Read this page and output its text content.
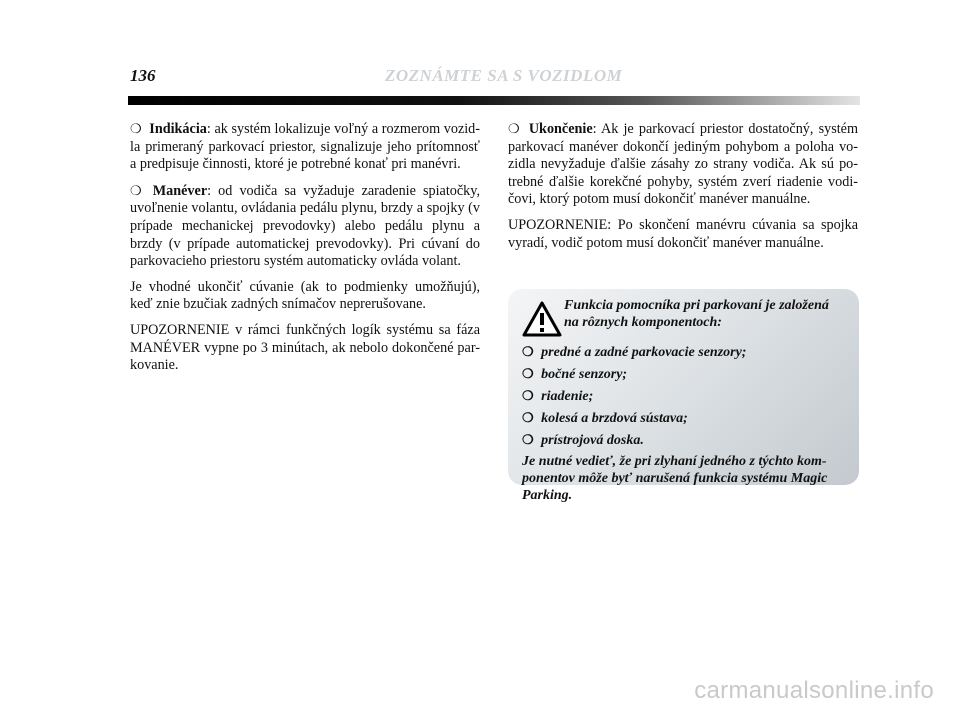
136	ZOZNÁMTE SA S VOZIDLOM

❍ Indikácia: ak systém lokalizuje voľný a rozmerom vozid-la primeraný parkovací priestor, signalizuje jeho prítomnosť a predpisuje činnosti, ktoré je potrebné konať pri manévri.

❍ Manéver: od vodiča sa vyžaduje zaradenie spiatočky, uvoľnenie volantu, ovládania pedálu plynu, brzdy a spojky (v prípade mechanickej prevodovky) alebo pedálu plynu a brzdy (v prípade automatickej prevodovky). Pri cúvaní do parkovacieho priestoru systém automaticky ovláda volant.

Je vhodné ukončiť cúvanie (ak to podmienky umožňujú), keď znie bzučiak zadných snímačov neprerušovane.

UPOZORNENIE v rámci funkčných logík systému sa fáza MANÉVER vypne po 3 minútach, ak nebolo dokončené par-kovanie.

❍ Ukončenie: Ak je parkovací priestor dostatočný, systém parkovací manéver dokončí jediným pohybom a poloha vo-zidla nevyžaduje ďalšie zásahy zo strany vodiča. Ak sú po-trebné ďalšie korekčné pohyby, systém zverí riadenie vodi-čovi, ktorý potom musí dokončiť manéver manuálne.

UPOZORNENIE: Po skončení manévru cúvania sa spojka vyradí, vodič potom musí dokončiť manéver manuálne.

Funkcia pomocníka pri parkovaní je založená na rôznych komponentoch:
❍ predné a zadné parkovacie senzory;
❍ bočné senzory;
❍ riadenie;
❍ kolesá a brzdová sústava;
❍ prístrojová doska.
Je nutné vedieť, že pri zlyhaní jedného z týchto kom-ponentov môže byť narušená funkcia systému Magic Parking.
carmanualsonline.info
